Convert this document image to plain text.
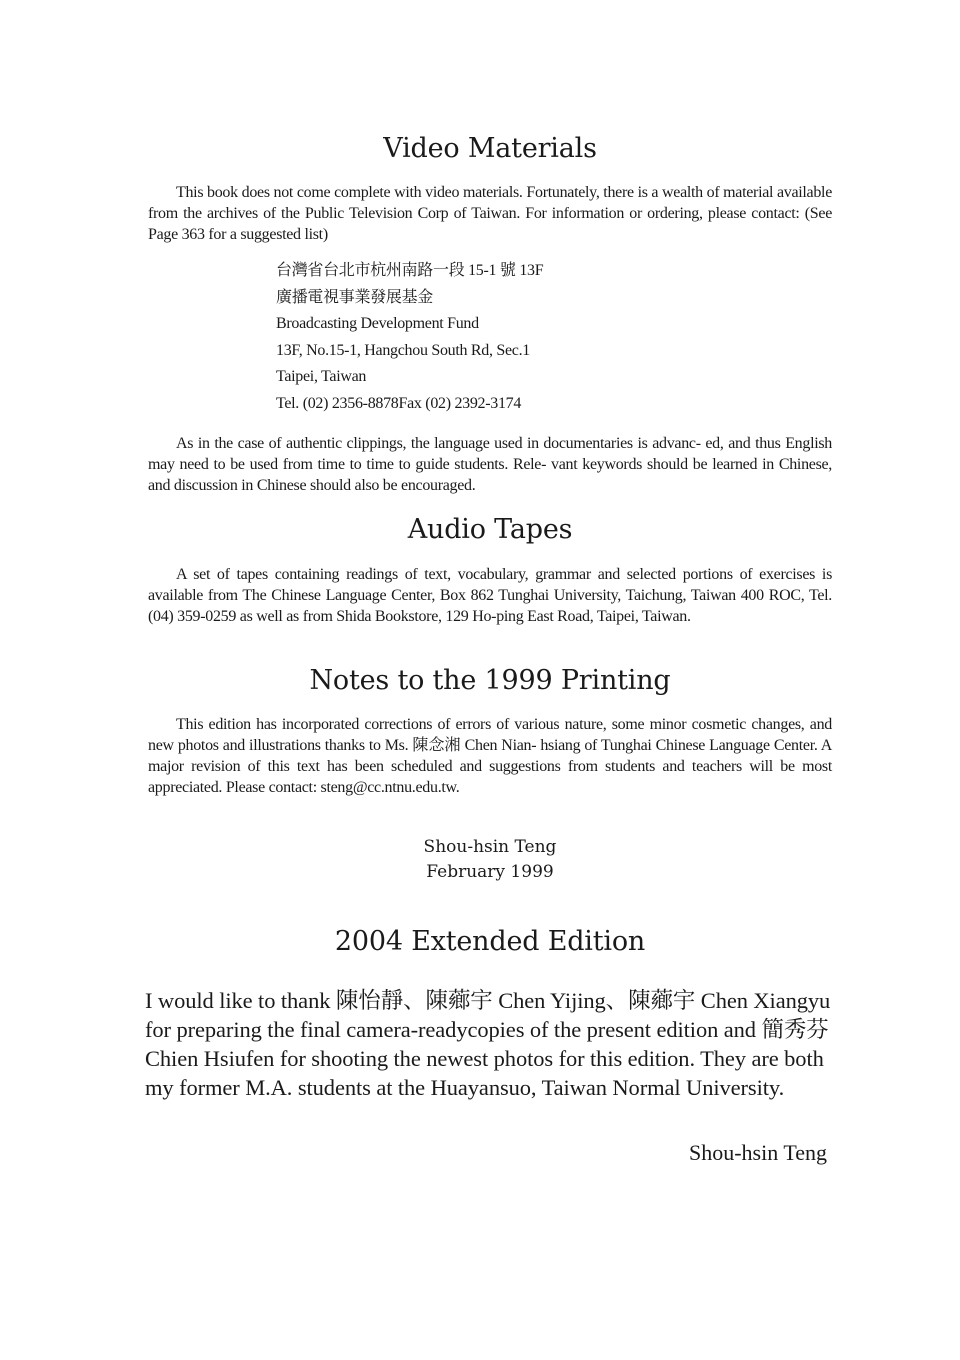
Video Materials

This book does not come complete with video materials. Fortunately, there is a wealth of material available from the archives of the Public Television Corp of Taiwan. For information or ordering, please contact: (See Page 363 for a suggested list)

台灣省台北市杭州南路一段 15-1 號 13F
廣播電視事業發展基金
Broadcasting Development Fund
13F, No.15-1, Hangchou South Rd, Sec.1
Taipei, Taiwan
Tel. (02) 2356-8878Fax (02) 2392-3174

As in the case of authentic clippings, the language used in documentaries is advanc- ed, and thus English may need to be used from time to time to guide students. Rele- vant keywords should be learned in Chinese, and discussion in Chinese should also be encouraged.

Audio Tapes

A set of tapes containing readings of text, vocabulary, grammar and selected portions of exercises is available from The Chinese Language Center, Box 862 Tunghai University, Taichung, Taiwan 400 ROC, Tel. (04) 359-0259 as well as from Shida Bookstore, 129 Ho-ping East Road, Taipei, Taiwan.

Notes to the 1999 Printing

This edition has incorporated corrections of errors of various nature, some minor cosmetic changes, and new photos and illustrations thanks to Ms. 陳念湘 Chen Nian- hsiang of Tunghai Chinese Language Center. A major revision of this text has been scheduled and suggestions from students and teachers will be most appreciated. Please contact: steng@cc.ntnu.edu.tw.

Shou-hsin Teng
February 1999
2004 Extended Edition

I would like to thank 陳怡靜、陳薌宇 Chen Yijing、陳薌宇 Chen Xiangyu for preparing the final camera-readycopies of the present edition and 簡秀芬 Chien Hsiufen for shooting the newest photos for this edition. They are both my former M.A. students at the Huayansuo, Taiwan Normal University.

Shou-hsin Teng
